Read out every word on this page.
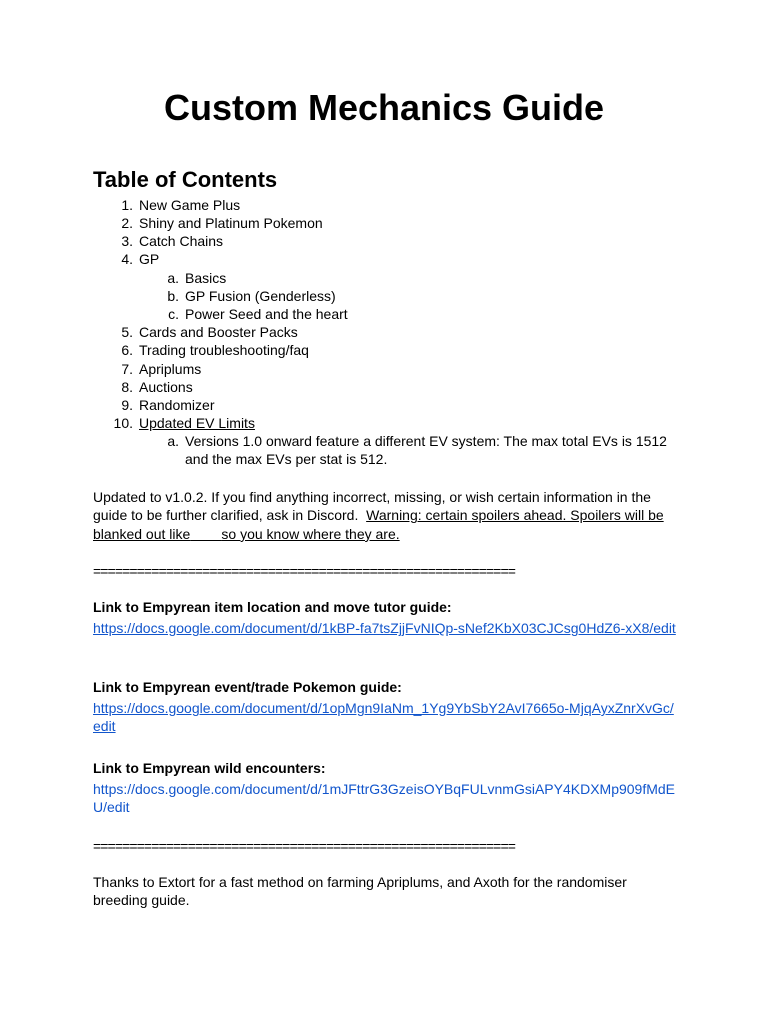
Custom Mechanics Guide
Table of Contents
1. New Game Plus
2. Shiny and Platinum Pokemon
3. Catch Chains
4. GP
a. Basics
b. GP Fusion (Genderless)
c. Power Seed and the heart
5. Cards and Booster Packs
6. Trading troubleshooting/faq
7. Apriplums
8. Auctions
9. Randomizer
10. Updated EV Limits
a. Versions 1.0 onward feature a different EV system: The max total EVs is 1512 and the max EVs per stat is 512.

Updated to v1.0.2. If you find anything incorrect, missing, or wish certain information in the guide to be further clarified, ask in Discord. Warning: certain spoilers ahead. Spoilers will be blanked out like so you know where they are.

==========================================================
Link to Empyrean item location and move tutor guide:
https://docs.google.com/document/d/1kBP-fa7tsZjjFvNIQp-sNef2KbX03CJCsg0HdZ6-xX8/edit
Link to Empyrean event/trade Pokemon guide:
https://docs.google.com/document/d/1opMgn9IaNm_1Yg9YbSbY2AvI7665o-MjqAyxZnrXvGc/edit
Link to Empyrean wild encounters:
https://docs.google.com/document/d/1mJFttrG3GzeisOYBqFULvnmGsiAPY4KDXMp909fMdEU/edit
==========================================================

Thanks to Extort for a fast method on farming Apriplums, and Axoth for the randomiser breeding guide.
